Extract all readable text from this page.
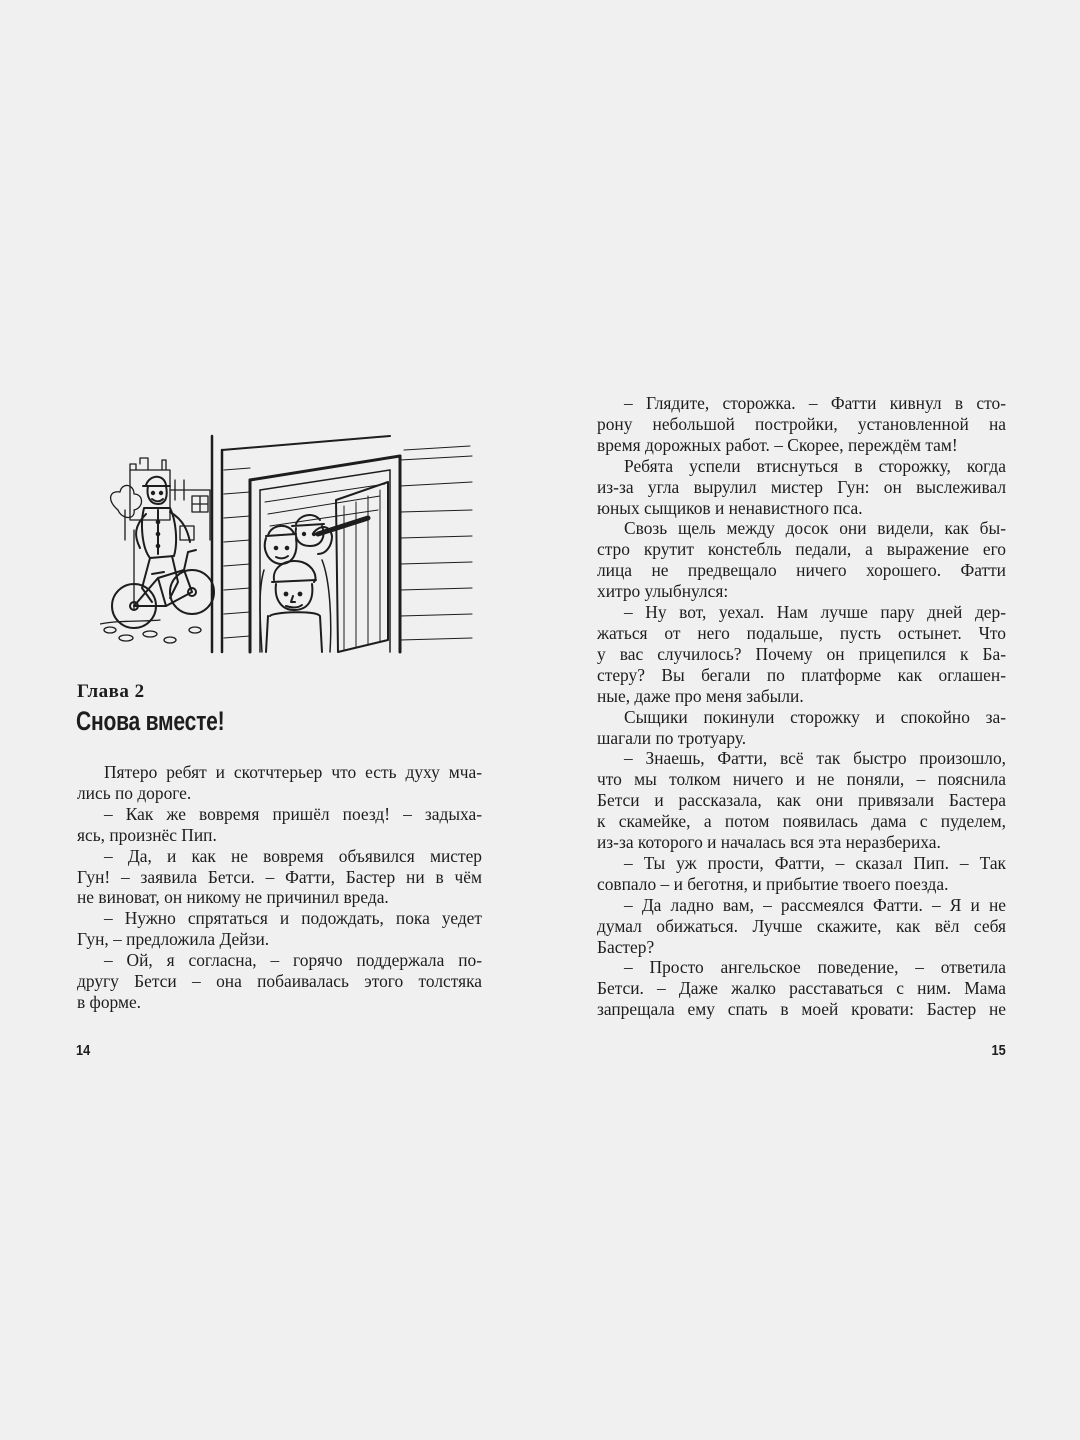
Глава 2
Снова вместе!
Пятеро ребят и скотчтерьер что есть духу мча-
лись по дороге.
– Как же вовремя пришёл поезд! – задыха-
ясь, произнёс Пип.
– Да, и как не вовремя объявился мистер
Гун! – заявила Бетси. – Фатти, Бастер ни в чём
не виноват, он никому не причинил вреда.
– Нужно спрятаться и подождать, пока уедет
Гун, – предложила Дейзи.
– Ой, я согласна, – горячо поддержала по-
другу Бетси – она побаивалась этого толстяка
в форме.
14
– Глядите, сторожка. – Фатти кивнул в сто-
рону небольшой постройки, установленной на
время дорожных работ. – Скорее, переждём там!
Ребята успели втиснуться в сторожку, когда
из-за угла вырулил мистер Гун: он выслеживал
юных сыщиков и ненавистного пса.
Свозь щель между досок они видели, как бы-
стро крутит констебль педали, а выражение его
лица не предвещало ничего хорошего. Фатти
хитро улыбнулся:
– Ну вот, уехал. Нам лучше пару дней дер-
жаться от него подальше, пусть остынет. Что
у вас случилось? Почему он прицепился к Ба-
стеру? Вы бегали по платформе как оглашен-
ные, даже про меня забыли.
Сыщики покинули сторожку и спокойно за-
шагали по тротуару.
– Знаешь, Фатти, всё так быстро произошло,
что мы толком ничего и не поняли, – пояснила
Бетси и рассказала, как они привязали Бастера
к скамейке, а потом появилась дама с пуделем,
из-за которого и началась вся эта неразбериха.
– Ты уж прости, Фатти, – сказал Пип. – Так
совпало – и беготня, и прибытие твоего поезда.
– Да ладно вам, – рассмеялся Фатти. – Я и не
думал обижаться. Лучше скажите, как вёл себя
Бастер?
– Просто ангельское поведение, – ответила
Бетси. – Даже жалко расставаться с ним. Мама
запрещала ему спать в моей кровати: Бастер не
15
